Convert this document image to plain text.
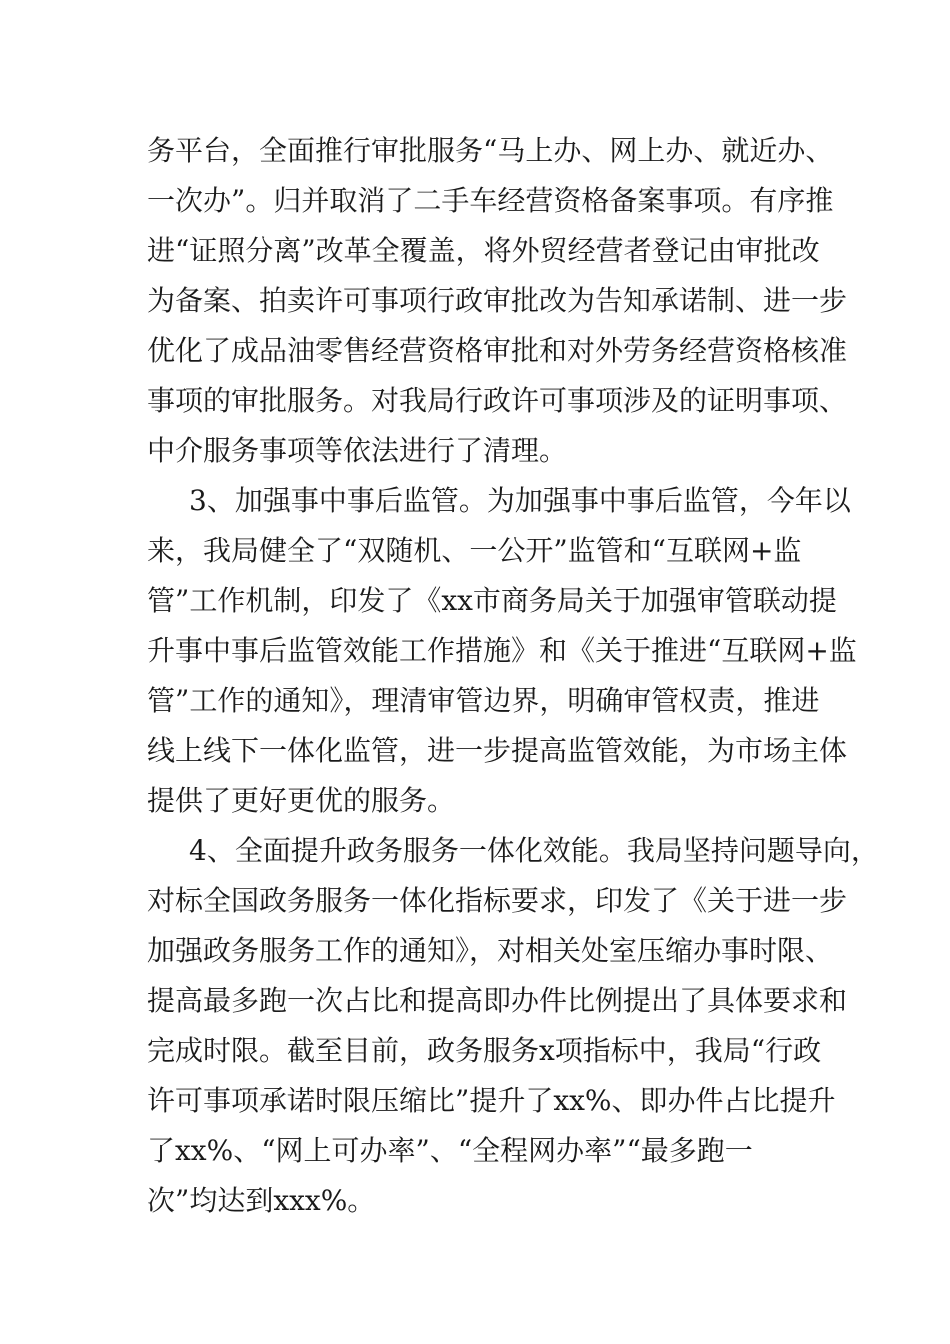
务平台，全面推行审批服务“马上办、网上办、就近办、
一次办”。归并取消了二手车经营资格备案事项。有序推
进“证照分离”改革全覆盖，将外贸经营者登记由审批改
为备案、拍卖许可事项行政审批改为告知承诺制、进一步
优化了成品油零售经营资格审批和对外劳务经营资格核准
事项的审批服务。对我局行政许可事项涉及的证明事项、
中介服务事项等依法进行了清理。
3、加强事中事后监管。为加强事中事后监管，今年以
来，我局健全了“双随机、一公开”监管和“互联网+监
管”工作机制，印发了《xx市商务局关于加强审管联动提
升事中事后监管效能工作措施》和《关于推进“互联网+监
管”工作的通知》，理清审管边界，明确审管权责，推进
线上线下一体化监管，进一步提高监管效能，为市场主体
提供了更好更优的服务。
4、全面提升政务服务一体化效能。我局坚持问题导向，
对标全国政务服务一体化指标要求，印发了《关于进一步
加强政务服务工作的通知》，对相关处室压缩办事时限、
提高最多跑一次占比和提高即办件比例提出了具体要求和
完成时限。截至目前，政务服务x项指标中，我局“行政
许可事项承诺时限压缩比”提升了xx%、即办件占比提升
了xx%、“网上可办率”、“全程网办率”“最多跑一
次”均达到xxx%。
